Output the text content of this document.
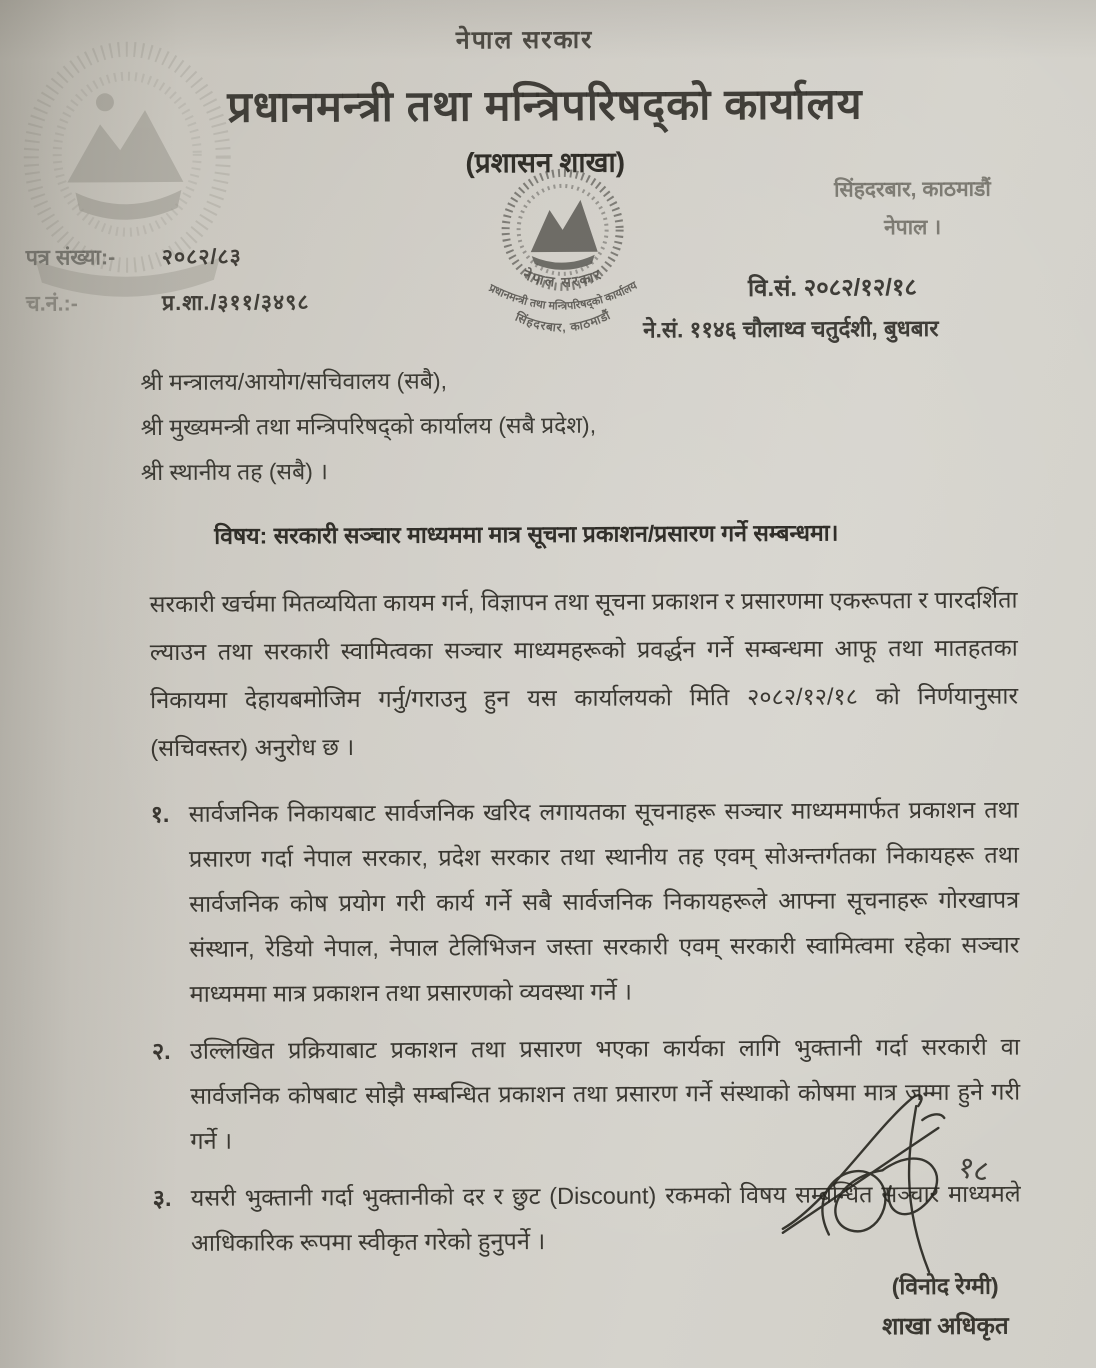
नेपाल सरकार
प्रधानमन्त्री तथा मन्त्रिपरिषद्को कार्यालय
(प्रशासन शाखा)
नेपाल सरकार
प्रधानमन्त्री तथा मन्त्रिपरिषद्को कार्यालय
सिंहदरबार, काठमाडौं
सिंहदरबार, काठमाडौं
नेपाल ।
पत्र संख्या:- २०८२/८३
च.नं.:-	प्र.शा./३११/३४९८
वि.सं. २०८२/१२/१८
ने.सं. ११४६ चौलाथ्व चतुर्दशी, बुधबार
श्री मन्त्रालय/आयोग/सचिवालय (सबै),
श्री मुख्यमन्त्री तथा मन्त्रिपरिषद्को कार्यालय (सबै प्रदेश),
श्री स्थानीय तह (सबै) ।
विषय: सरकारी सञ्चार माध्यममा मात्र सूचना प्रकाशन/प्रसारण गर्ने सम्बन्धमा।

सरकारी खर्चमा मितव्ययिता कायम गर्न, विज्ञापन तथा सूचना प्रकाशन र प्रसारणमा एकरूपता र पारदर्शिता ल्याउन तथा सरकारी स्वामित्वका सञ्चार माध्यमहरूको प्रवर्द्धन गर्ने सम्बन्धमा आफू तथा मातहतका निकायमा देहायबमोजिम गर्नु/गराउनु हुन यस कार्यालयको मिति २०८२/१२/१८ को निर्णयानुसार (सचिवस्तर) अनुरोध छ ।

१. सार्वजनिक निकायबाट सार्वजनिक खरिद लगायतका सूचनाहरू सञ्चार माध्यममार्फत प्रकाशन तथा प्रसारण गर्दा नेपाल सरकार, प्रदेश सरकार तथा स्थानीय तह एवम् सोअन्तर्गतका निकायहरू तथा सार्वजनिक कोष प्रयोग गरी कार्य गर्ने सबै सार्वजनिक निकायहरूले आफ्ना सूचनाहरू गोरखापत्र संस्थान, रेडियो नेपाल, नेपाल टेलिभिजन जस्ता सरकारी एवम् सरकारी स्वामित्वमा रहेका सञ्चार माध्यममा मात्र प्रकाशन तथा प्रसारणको व्यवस्था गर्ने ।
२. उल्लिखित प्रक्रियाबाट प्रकाशन तथा प्रसारण भएका कार्यका लागि भुक्तानी गर्दा सरकारी वा सार्वजनिक कोषबाट सोझै सम्बन्धित प्रकाशन तथा प्रसारण गर्ने संस्थाको कोषमा मात्र जम्मा हुने गरी गर्ने ।
३. यसरी भुक्तानी गर्दा भुक्तानीको दर र छुट (Discount) रकमको विषय सम्बन्धित सञ्चार माध्यमले आधिकारिक रूपमा स्वीकृत गरेको हुनुपर्ने ।
१८
(विनोद रेग्मी)
शाखा अधिकृत
